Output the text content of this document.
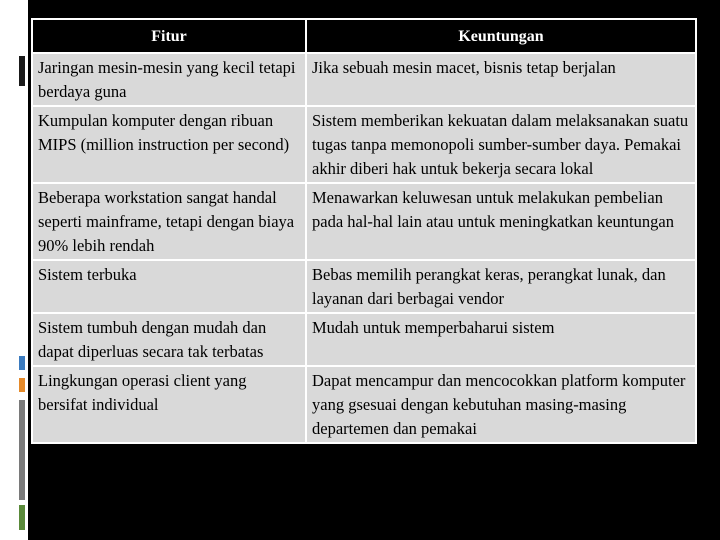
Fitur	Keuntungan
Jaringan mesin-mesin yang kecil tetapi berdaya guna	Jika sebuah mesin macet, bisnis tetap berjalan
Kumpulan komputer dengan ribuan MIPS (million instruction per second)	Sistem memberikan kekuatan dalam melaksanakan suatu tugas tanpa memonopoli sumber-sumber daya. Pemakai akhir diberi hak untuk bekerja secara lokal
Beberapa workstation sangat handal seperti mainframe, tetapi dengan biaya 90% lebih rendah	Menawarkan keluwesan untuk melakukan pembelian pada hal-hal lain atau untuk meningkatkan keuntungan
Sistem terbuka	Bebas memilih perangkat keras, perangkat lunak, dan layanan dari berbagai vendor
Sistem tumbuh dengan mudah dan dapat diperluas secara tak terbatas	Mudah untuk memperbaharui sistem
Lingkungan operasi client yang bersifat individual	Dapat mencampur dan mencocokkan platform komputer yang gsesuai dengan kebutuhan masing-masing departemen dan pemakai
